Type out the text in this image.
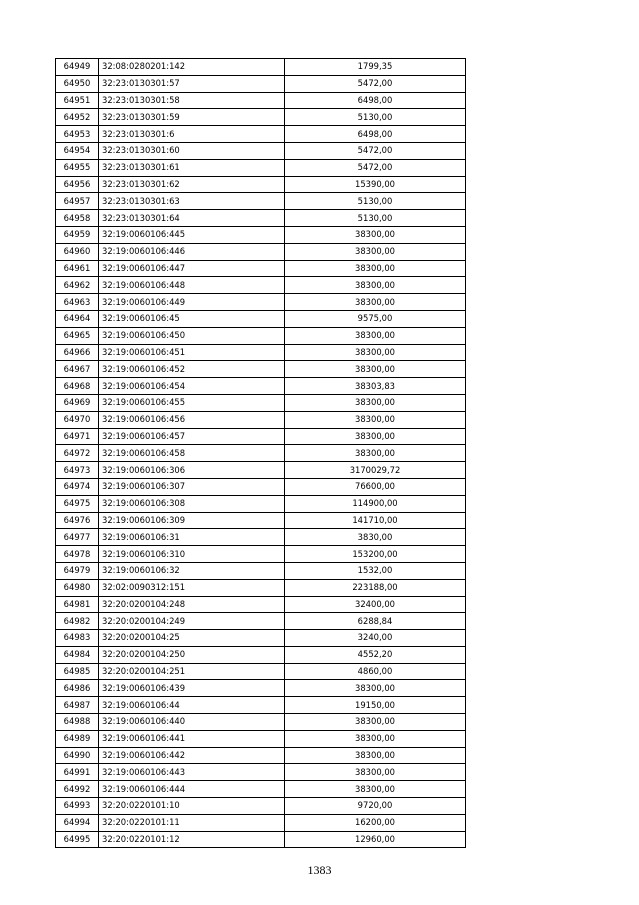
64949	32:08:0280201:142	1799,35
64950	32:23:0130301:57	5472,00
64951	32:23:0130301:58	6498,00
64952	32:23:0130301:59	5130,00
64953	32:23:0130301:6	6498,00
64954	32:23:0130301:60	5472,00
64955	32:23:0130301:61	5472,00
64956	32:23:0130301:62	15390,00
64957	32:23:0130301:63	5130,00
64958	32:23:0130301:64	5130,00
64959	32:19:0060106:445	38300,00
64960	32:19:0060106:446	38300,00
64961	32:19:0060106:447	38300,00
64962	32:19:0060106:448	38300,00
64963	32:19:0060106:449	38300,00
64964	32:19:0060106:45	9575,00
64965	32:19:0060106:450	38300,00
64966	32:19:0060106:451	38300,00
64967	32:19:0060106:452	38300,00
64968	32:19:0060106:454	38303,83
64969	32:19:0060106:455	38300,00
64970	32:19:0060106:456	38300,00
64971	32:19:0060106:457	38300,00
64972	32:19:0060106:458	38300,00
64973	32:19:0060106:306	3170029,72
64974	32:19:0060106:307	76600,00
64975	32:19:0060106:308	114900,00
64976	32:19:0060106:309	141710,00
64977	32:19:0060106:31	3830,00
64978	32:19:0060106:310	153200,00
64979	32:19:0060106:32	1532,00
64980	32:02:0090312:151	223188,00
64981	32:20:0200104:248	32400,00
64982	32:20:0200104:249	6288,84
64983	32:20:0200104:25	3240,00
64984	32:20:0200104:250	4552,20
64985	32:20:0200104:251	4860,00
64986	32:19:0060106:439	38300,00
64987	32:19:0060106:44	19150,00
64988	32:19:0060106:440	38300,00
64989	32:19:0060106:441	38300,00
64990	32:19:0060106:442	38300,00
64991	32:19:0060106:443	38300,00
64992	32:19:0060106:444	38300,00
64993	32:20:0220101:10	9720,00
64994	32:20:0220101:11	16200,00
64995	32:20:0220101:12	12960,00
1383
